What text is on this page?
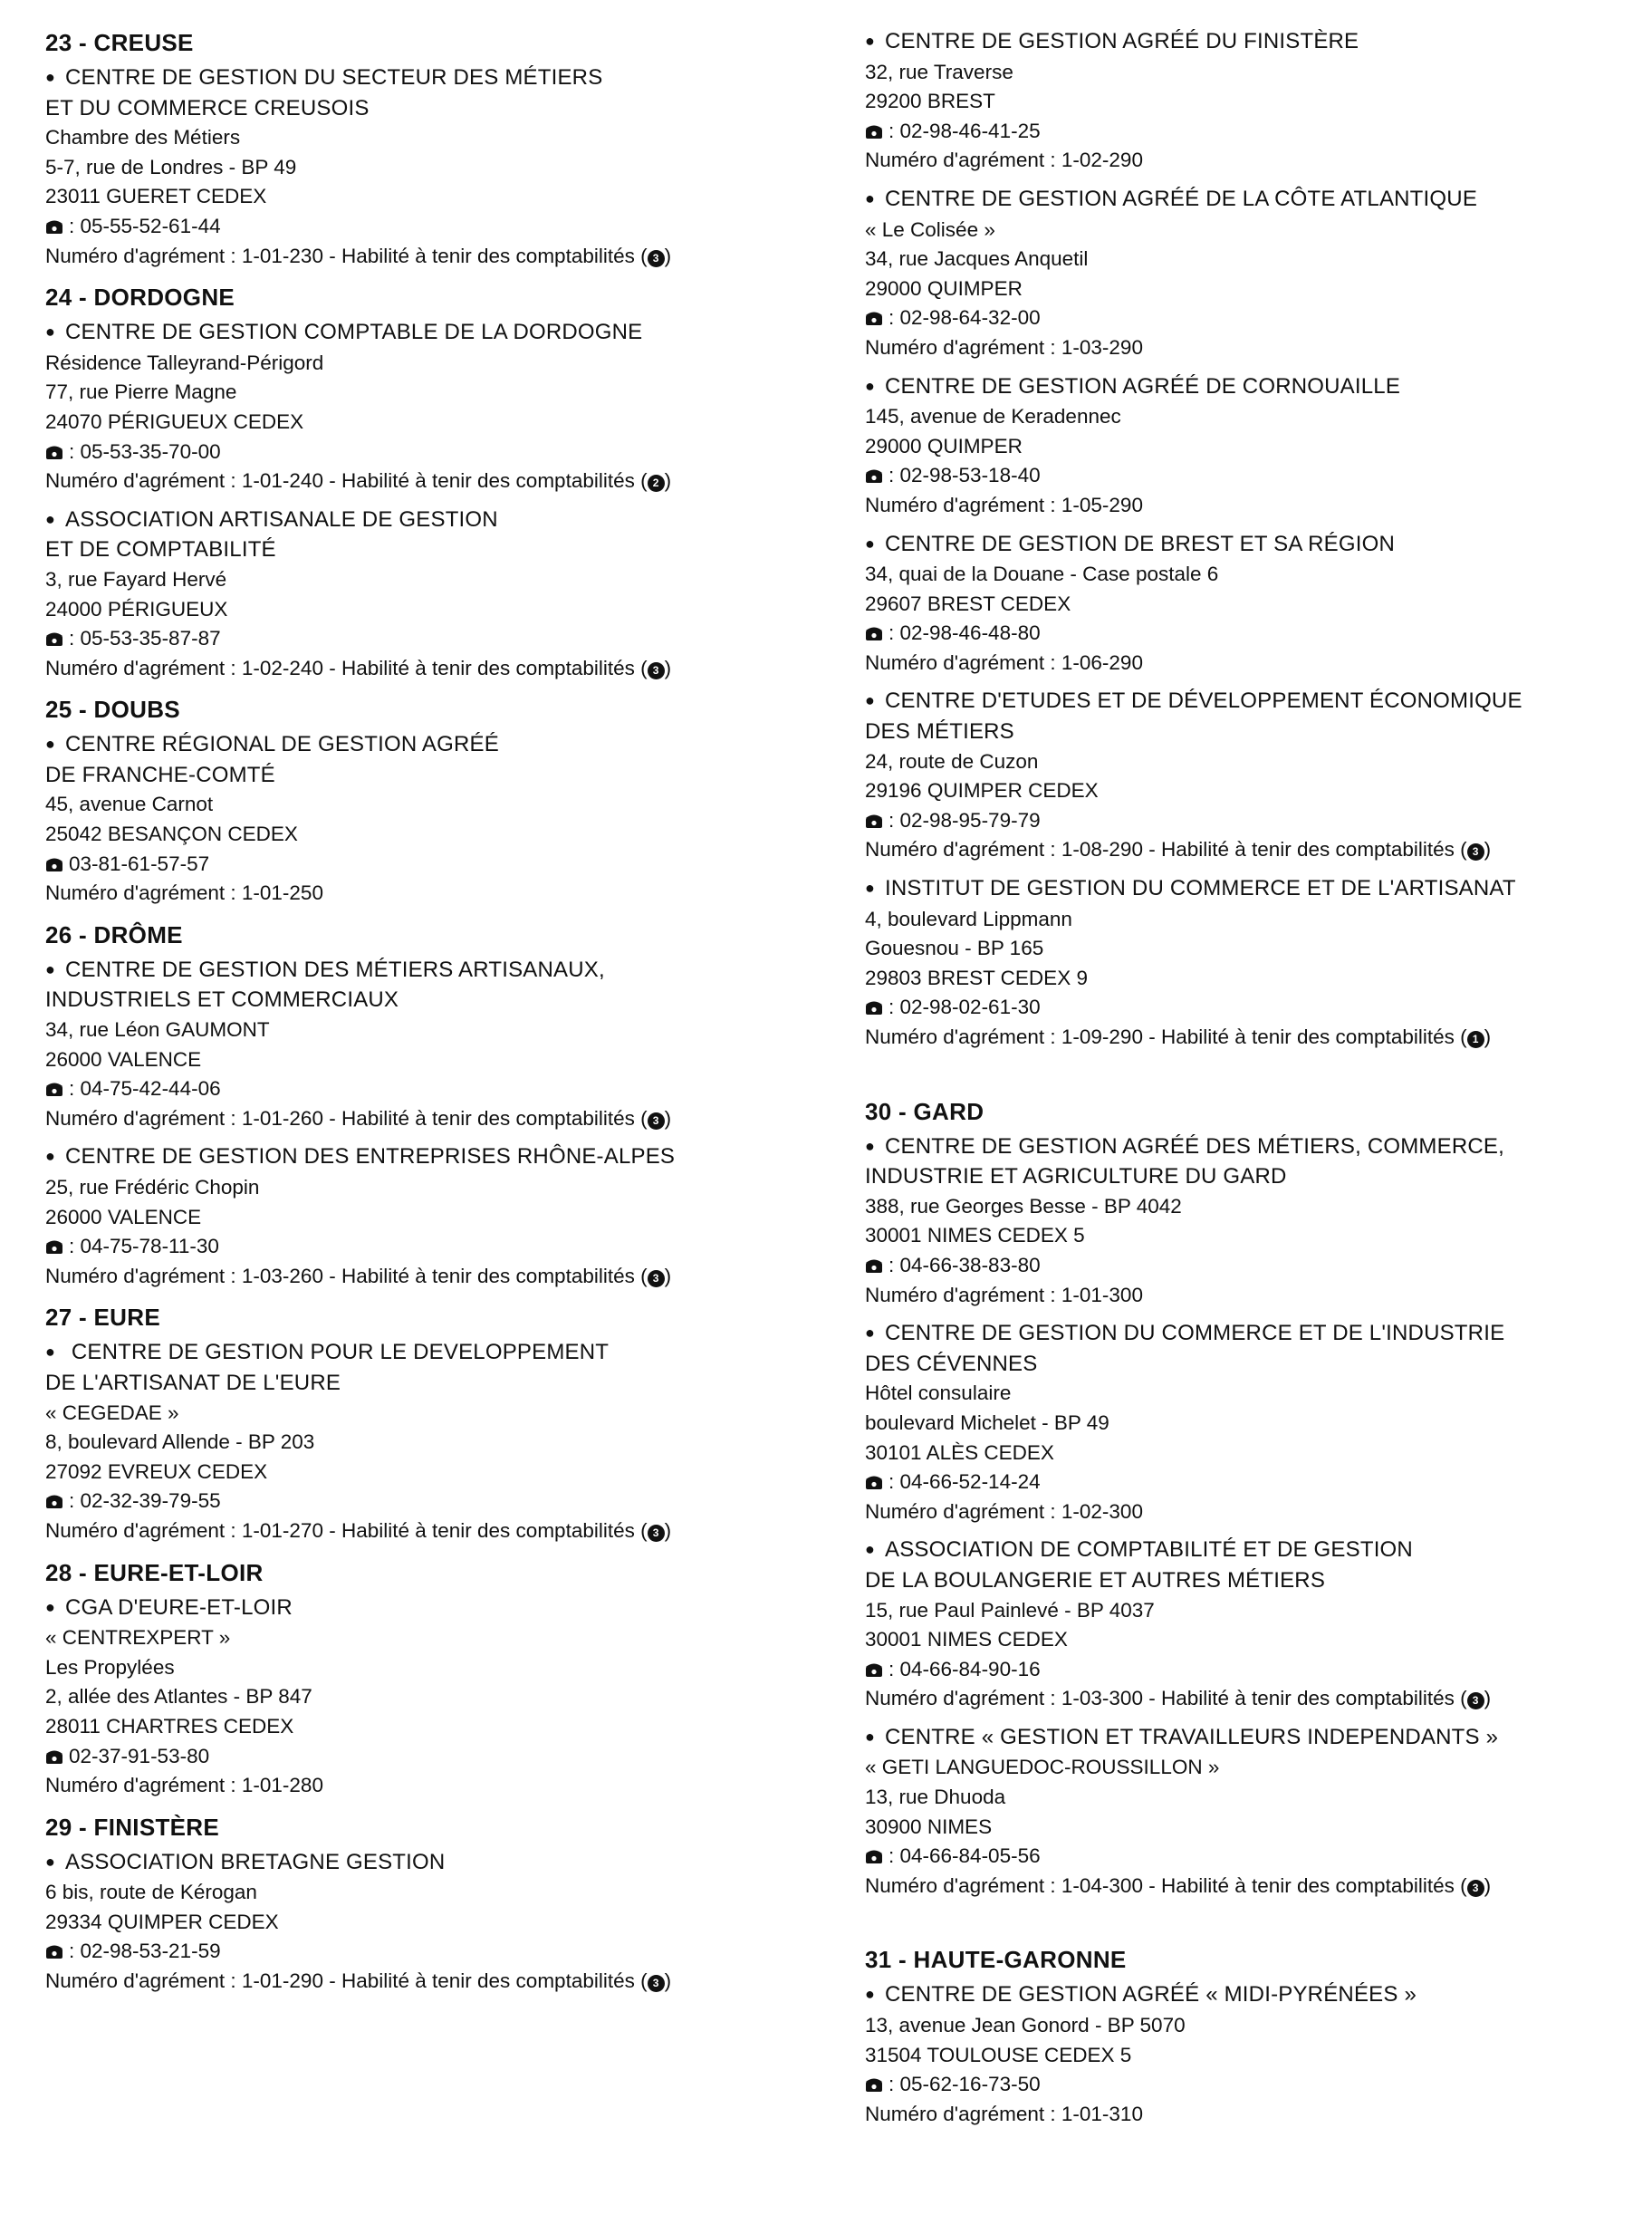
23 - CREUSE
● CENTRE DE GESTION DU SECTEUR DES MÉTIERS
ET DU COMMERCE CREUSOIS
Chambre des Métiers
5-7, rue de Londres - BP 49
23011 GUERET CEDEX
: 05-55-52-61-44
Numéro d'agrément : 1-01-230 - Habilité à tenir des comptabilités ( 3 )
24 - DORDOGNE
● CENTRE DE GESTION COMPTABLE DE LA DORDOGNE
Résidence Talleyrand-Périgord
77, rue Pierre Magne
24070 PÉRIGUEUX CEDEX
: 05-53-35-70-00
Numéro d'agrément : 1-01-240 - Habilité à tenir des comptabilités ( 2 )
● ASSOCIATION ARTISANALE DE GESTION
ET DE COMPTABILITÉ
3, rue Fayard Hervé
24000 PÉRIGUEUX
: 05-53-35-87-87
Numéro d'agrément : 1-02-240 - Habilité à tenir des comptabilités ( 3 )
25 - DOUBS
● CENTRE RÉGIONAL DE GESTION AGRÉÉ
DE FRANCHE-COMTÉ
45, avenue Carnot
25042 BESANÇON CEDEX
03-81-61-57-57
Numéro d'agrément : 1-01-250
26 - DRÔME
● CENTRE DE GESTION DES MÉTIERS ARTISANAUX,
INDUSTRIELS ET COMMERCIAUX
34, rue Léon GAUMONT
26000 VALENCE
: 04-75-42-44-06
Numéro d'agrément : 1-01-260 - Habilité à tenir des comptabilités ( 3 )
● CENTRE DE GESTION DES ENTREPRISES RHÔNE-ALPES
25, rue Frédéric Chopin
26000 VALENCE
: 04-75-78-11-30
Numéro d'agrément : 1-03-260 - Habilité à tenir des comptabilités ( 3 )
27 - EURE
● CENTRE DE GESTION POUR LE DEVELOPPEMENT
DE L'ARTISANAT DE L'EURE
« CEGEDAE »
8, boulevard Allende - BP 203
27092 EVREUX CEDEX
: 02-32-39-79-55
Numéro d'agrément : 1-01-270 - Habilité à tenir des comptabilités ( 3 )
28 - EURE-ET-LOIR
● CGA D'EURE-ET-LOIR
« CENTREXPERT »
Les Propylées
2, allée des Atlantes - BP 847
28011 CHARTRES CEDEX
02-37-91-53-80
Numéro d'agrément : 1-01-280
29 - FINISTÈRE
● ASSOCIATION BRETAGNE GESTION
6 bis, route de Kérogan
29334 QUIMPER CEDEX
: 02-98-53-21-59
Numéro d'agrément : 1-01-290 - Habilité à tenir des comptabilités ( 3 )
● CENTRE DE GESTION AGRÉÉ DU FINISTÈRE
32, rue Traverse
29200 BREST
: 02-98-46-41-25
Numéro d'agrément : 1-02-290
● CENTRE DE GESTION AGRÉÉ DE LA CÔTE ATLANTIQUE
« Le Colisée »
34, rue Jacques Anquetil
29000 QUIMPER
: 02-98-64-32-00
Numéro d'agrément : 1-03-290
● CENTRE DE GESTION AGRÉÉ DE CORNOUAILLE
145, avenue de Keradennec
29000 QUIMPER
: 02-98-53-18-40
Numéro d'agrément : 1-05-290
● CENTRE DE GESTION DE BREST ET SA RÉGION
34, quai de la Douane - Case postale 6
29607 BREST CEDEX
: 02-98-46-48-80
Numéro d'agrément : 1-06-290
● CENTRE D'ETUDES ET DE DÉVELOPPEMENT ÉCONOMIQUE
DES MÉTIERS
24, route de Cuzon
29196 QUIMPER CEDEX
: 02-98-95-79-79
Numéro d'agrément : 1-08-290 - Habilité à tenir des comptabilités ( 3 )
● INSTITUT DE GESTION DU COMMERCE ET DE L'ARTISANAT
4, boulevard Lippmann
Gouesnou - BP 165
29803 BREST CEDEX 9
: 02-98-02-61-30
Numéro d'agrément : 1-09-290 - Habilité à tenir des comptabilités ( 1 )
30 - GARD
● CENTRE DE GESTION AGRÉÉ DES MÉTIERS, COMMERCE,
INDUSTRIE ET AGRICULTURE DU GARD
388, rue Georges Besse - BP 4042
30001 NIMES CEDEX 5
: 04-66-38-83-80
Numéro d'agrément : 1-01-300
● CENTRE DE GESTION DU COMMERCE ET DE L'INDUSTRIE
DES CÉVENNES
Hôtel consulaire
boulevard Michelet - BP 49
30101 ALÈS CEDEX
: 04-66-52-14-24
Numéro d'agrément : 1-02-300
● ASSOCIATION DE COMPTABILITÉ ET DE GESTION
DE LA BOULANGERIE ET AUTRES MÉTIERS
15, rue Paul Painlevé - BP 4037
30001 NIMES CEDEX
: 04-66-84-90-16
Numéro d'agrément : 1-03-300 - Habilité à tenir des comptabilités ( 3 )
● CENTRE « GESTION ET TRAVAILLEURS INDEPENDANTS »
« GETI LANGUEDOC-ROUSSILLON »
13, rue Dhuoda
30900 NIMES
: 04-66-84-05-56
Numéro d'agrément : 1-04-300 - Habilité à tenir des comptabilités ( 3 )
31 - HAUTE-GARONNE
● CENTRE DE GESTION AGRÉÉ « MIDI-PYRÉNÉES »
13, avenue Jean Gonord - BP 5070
31504 TOULOUSE CEDEX 5
: 05-62-16-73-50
Numéro d'agrément : 1-01-310
